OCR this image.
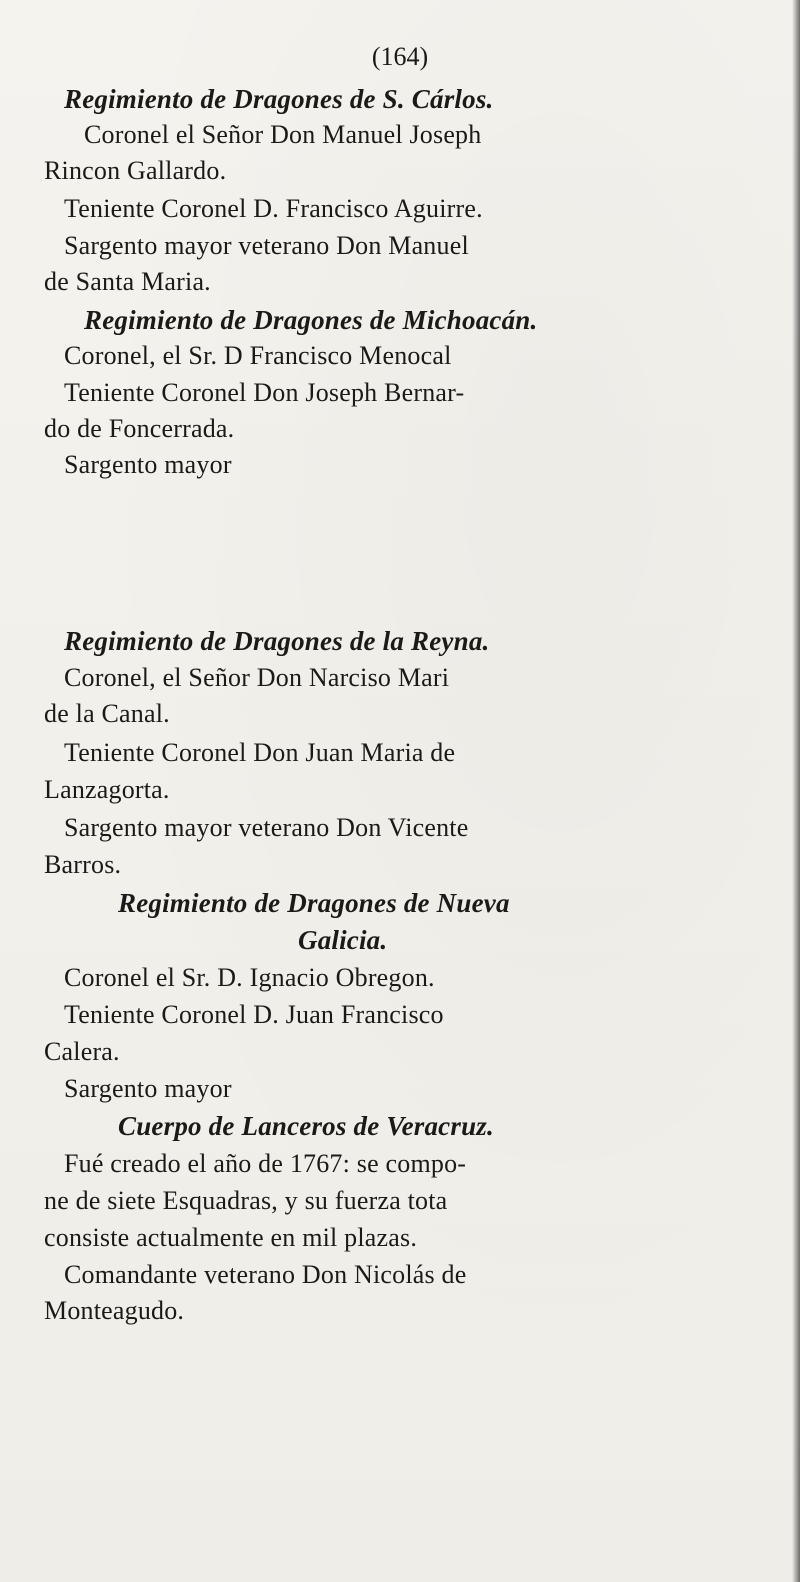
(164)
Regimiento de Dragones de S. Cárlos.
Coronel el Señor Don Manuel Joseph
Rincon Gallardo.
Teniente Coronel D. Francisco Aguirre.
Sargento mayor veterano Don Manuel
de Santa Maria.
Regimiento de Dragones de Michoacán.
Coronel, el Sr. D Francisco Menocal
Teniente Coronel Don Joseph Bernar-
do de Foncerrada.
Sargento mayor
Regimiento de Dragones de la Reyna.
Coronel, el Señor Don Narciso Mari
de la Canal.
Teniente Coronel Don Juan Maria de
Lanzagorta.
Sargento mayor veterano Don Vicente
Barros.
Regimiento de Dragones de Nueva
Galicia.
Coronel el Sr. D. Ignacio Obregon.
Teniente Coronel D. Juan Francisco
Calera.
Sargento mayor
Cuerpo de Lanceros de Veracruz.
Fué creado el año de 1767: se compo-
ne de siete Esquadras, y su fuerza tota
consiste actualmente en mil plazas.
Comandante veterano Don Nicolás de
Monteagudo.
